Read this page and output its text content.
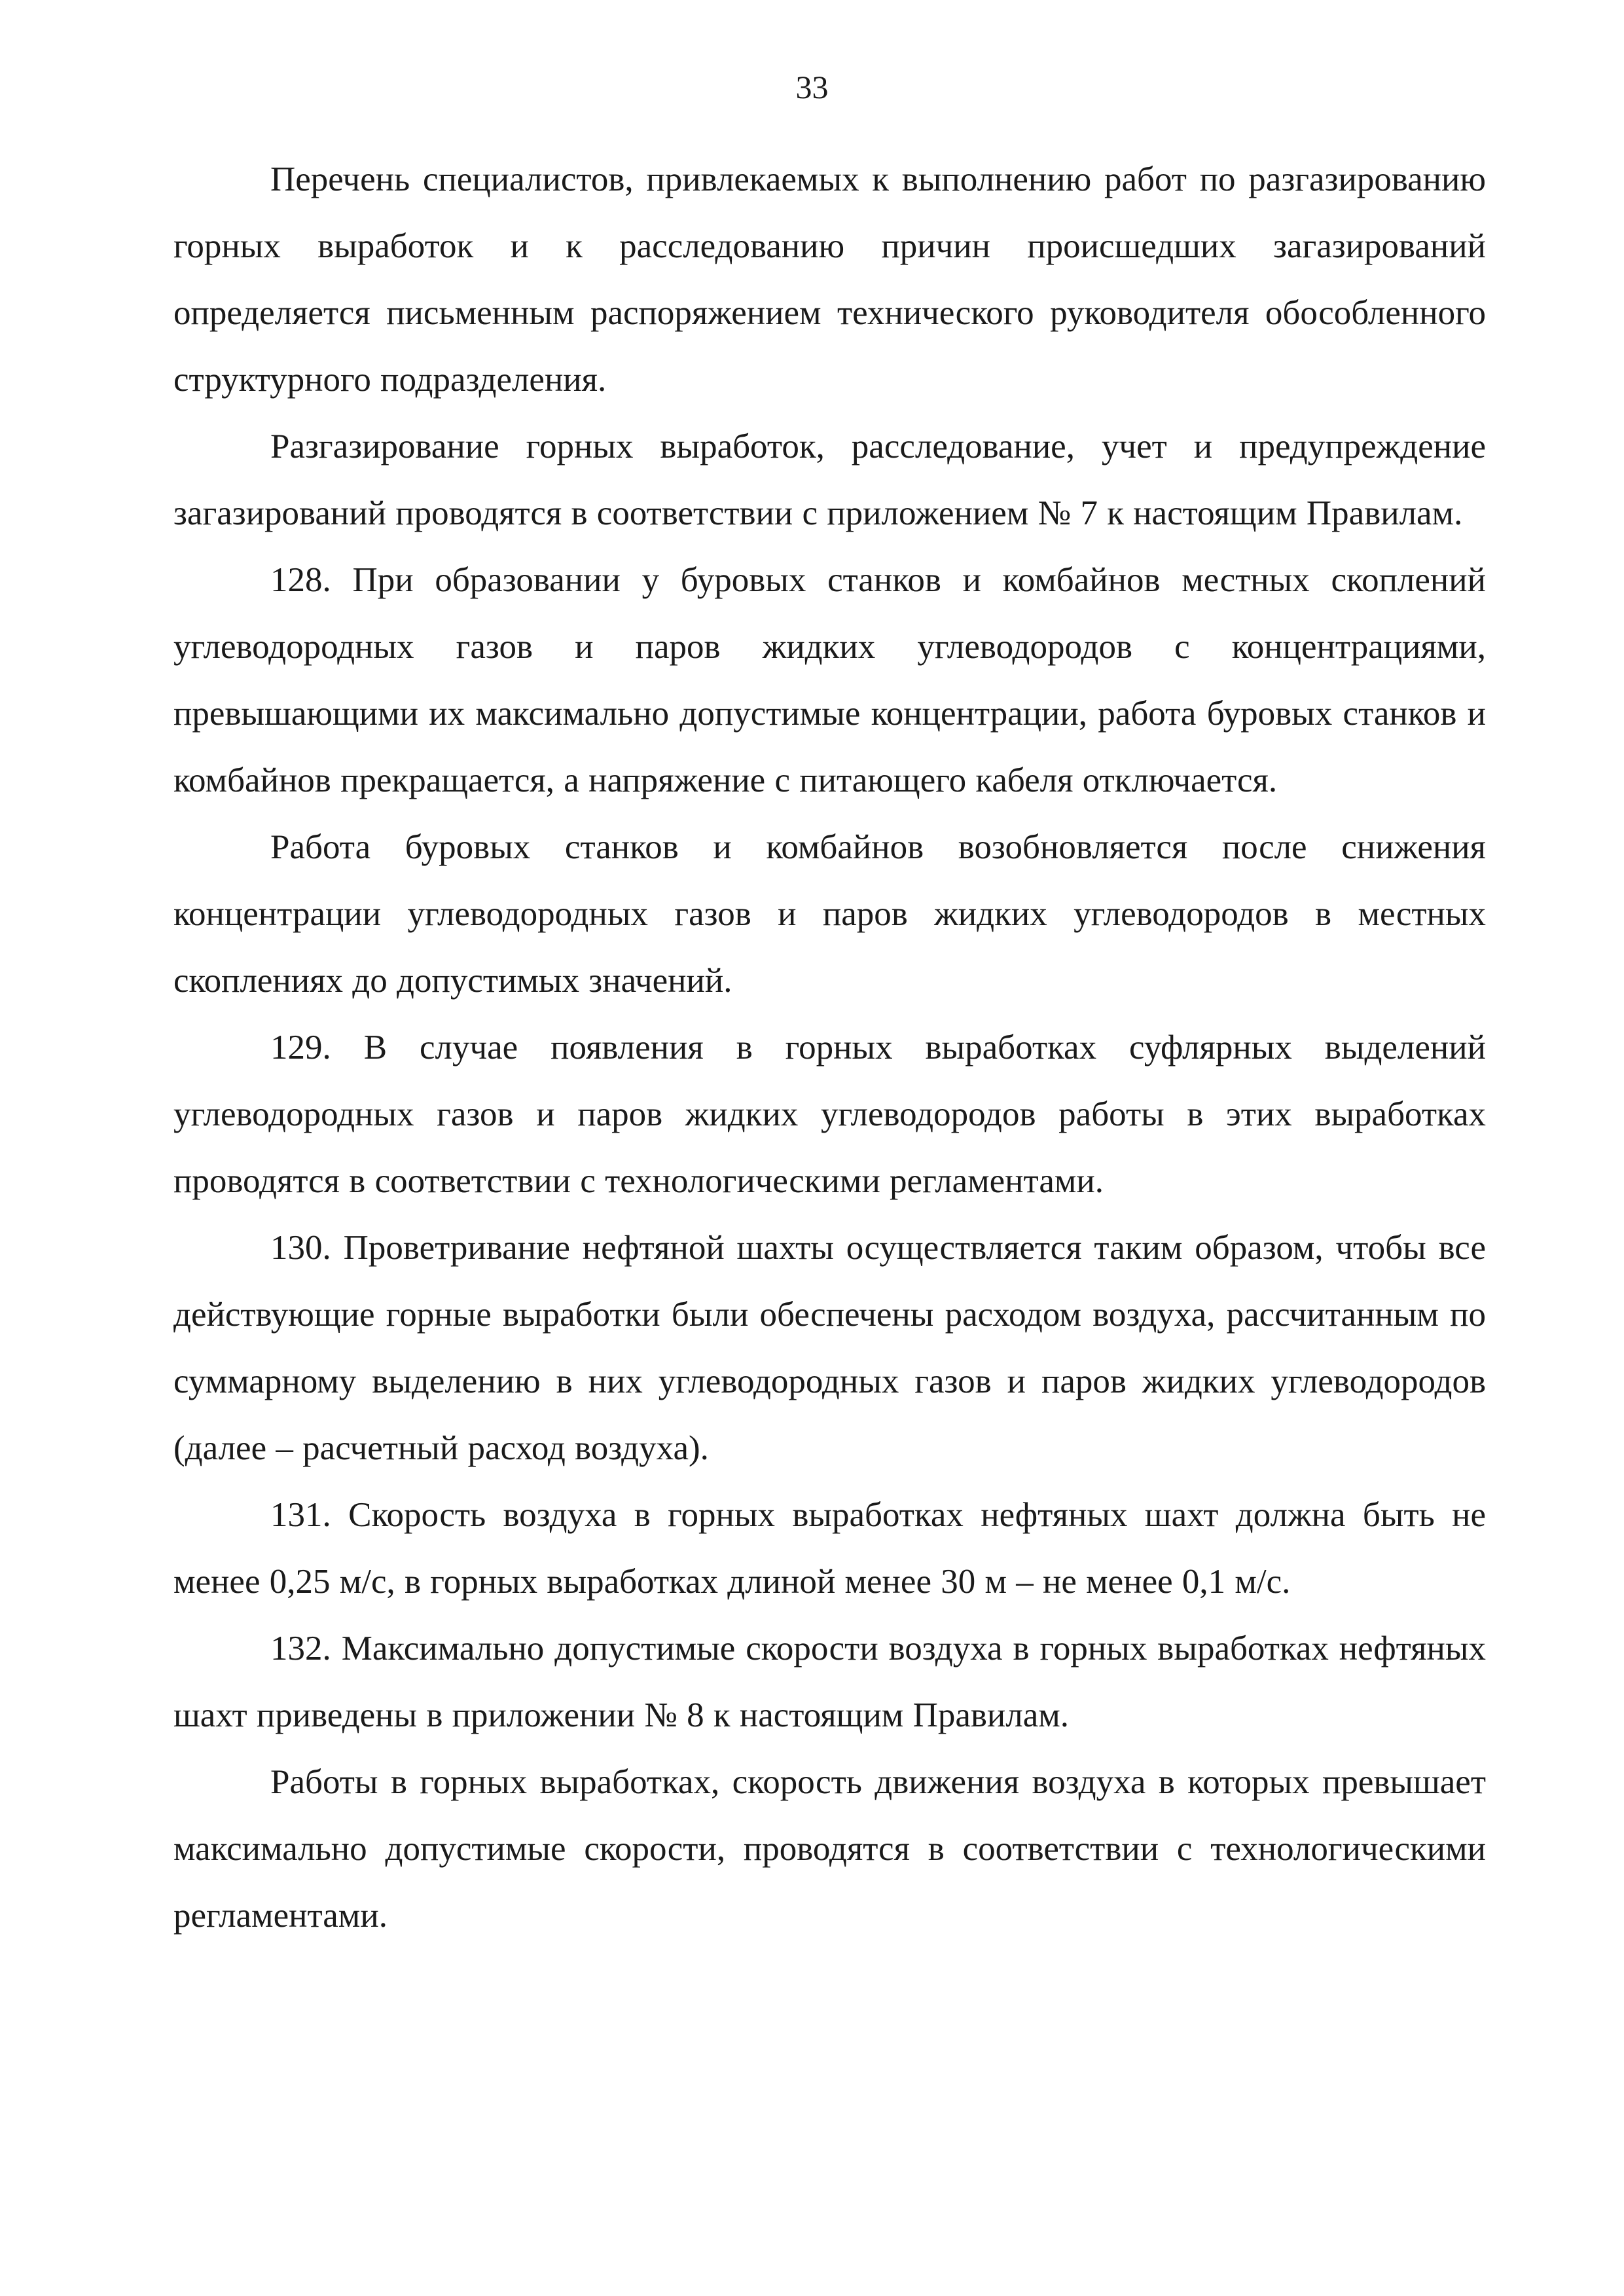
33

Перечень специалистов, привлекаемых к выполнению работ по разгазированию горных выработок и к расследованию причин происшедших загазирований определяется письменным распоряжением технического руководителя обособленного структурного подразделения.

Разгазирование горных выработок, расследование, учет и предупреждение загазирований проводятся в соответствии с приложением № 7 к настоящим Правилам.

128. При образовании у буровых станков и комбайнов местных скоплений углеводородных газов и паров жидких углеводородов с концентрациями, превышающими их максимально допустимые концентрации, работа буровых станков и комбайнов прекращается, а напряжение с питающего кабеля отключается.

Работа буровых станков и комбайнов возобновляется после снижения концентрации углеводородных газов и паров жидких углеводородов в местных скоплениях до допустимых значений.

129. В случае появления в горных выработках суфлярных выделений углеводородных газов и паров жидких углеводородов работы в этих выработках проводятся в соответствии с технологическими регламентами.

130. Проветривание нефтяной шахты осуществляется таким образом, чтобы все действующие горные выработки были обеспечены расходом воздуха, рассчитанным по суммарному выделению в них углеводородных газов и паров жидких углеводородов (далее – расчетный расход воздуха).

131. Скорость воздуха в горных выработках нефтяных шахт должна быть не менее 0,25 м/с, в горных выработках длиной менее 30 м – не менее 0,1 м/с.

132. Максимально допустимые скорости воздуха в горных выработках нефтяных шахт приведены в приложении № 8 к настоящим Правилам.

Работы в горных выработках, скорость движения воздуха в которых превышает максимально допустимые скорости, проводятся в соответствии с технологическими регламентами.
